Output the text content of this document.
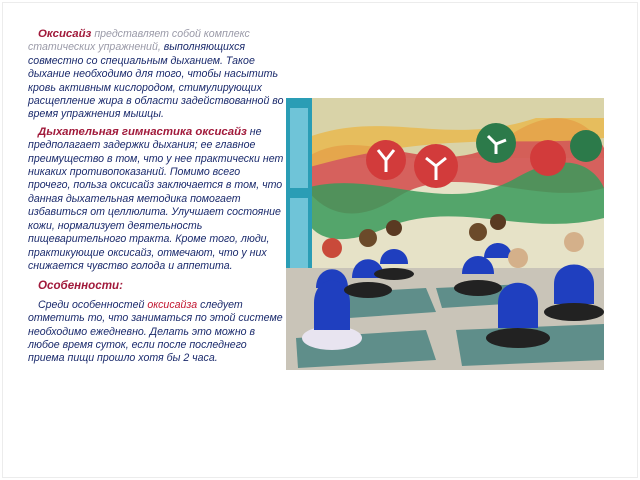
Оксисайз представляет собой комплекс статических упражнений, выполняющихся совместно со специальным дыханием. Такое дыхание необходимо для того, чтобы насытить кровь активным кислородом, стимулирующих расщепление жира в области задействованной во время упражнения мышцы.

Дыхательная гимнастика оксисайз не предполагает задержки дыхания; ее главное преимущество в том, что у нее практически нет никаких противопоказаний. Помимо всего прочего, польза оксисайз заключается в том, что данная дыхательная методика помогает избавиться от целлюлита. Улучшает состояние кожи, нормализует деятельность пищеварительного тракта. Кроме того, люди, практикующие оксисайз, отмечают, что у них снижается чувство голода и аппетита.

Особенности:

Среди особенностей оксисайза следует отметить то, что заниматься по этой системе необходимо ежедневно. Делать это можно в любое время суток, если после последнего приема пищи прошло хотя бы 2 часа.
